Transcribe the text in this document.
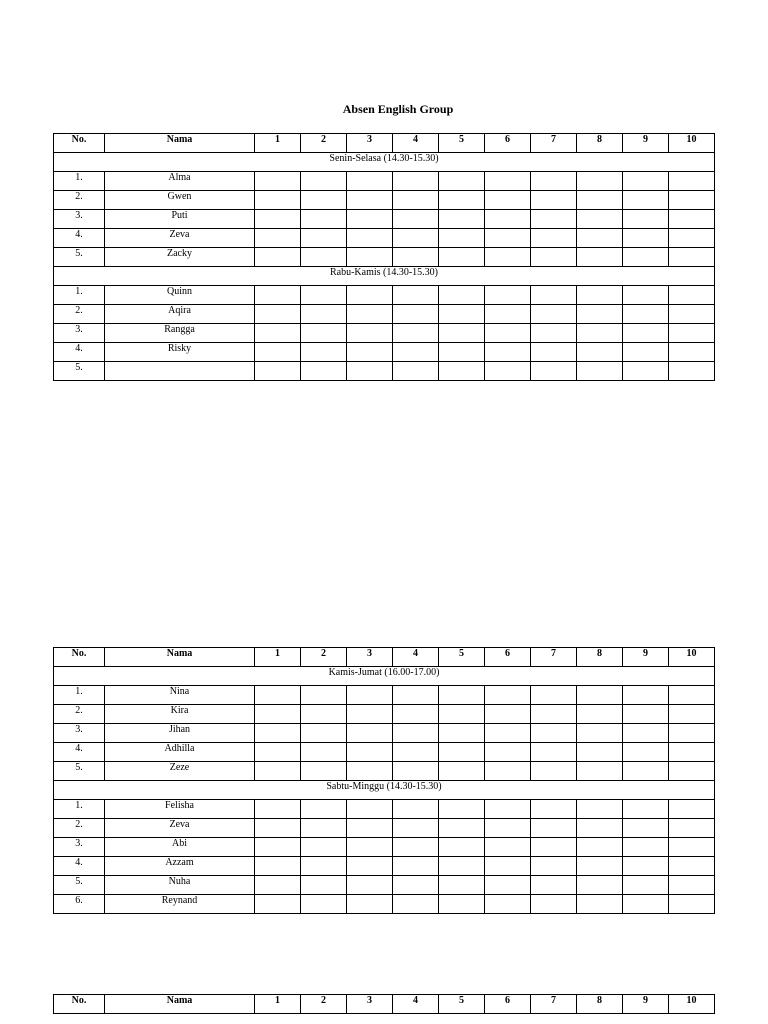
Absen English Group
No.	Nama	1	2	3	4	5	6	7	8	9	10
Senin-Selasa (14.30-15.30)											
1.	Alma										
2.	Gwen										
3.	Puti										
4.	Zeva										
5.	Zacky										
Rabu-Kamis (14.30-15.30)											
1.	Quinn										
2.	Aqira										
3.	Rangga										
4.	Risky										
5.											
No.	Nama	1	2	3	4	5	6	7	8	9	10
Kamis-Jumat (16.00-17.00)											
1.	Nina										
2.	Kira										
3.	Jihan										
4.	Adhilla										
5.	Zeze										
Sabtu-Minggu (14.30-15.30)											
1.	Felisha										
2.	Zeva										
3.	Abi										
4.	Azzam										
5.	Nuha										
6.	Reynand										
No.	Nama	1	2	3	4	5	6	7	8	9	10
